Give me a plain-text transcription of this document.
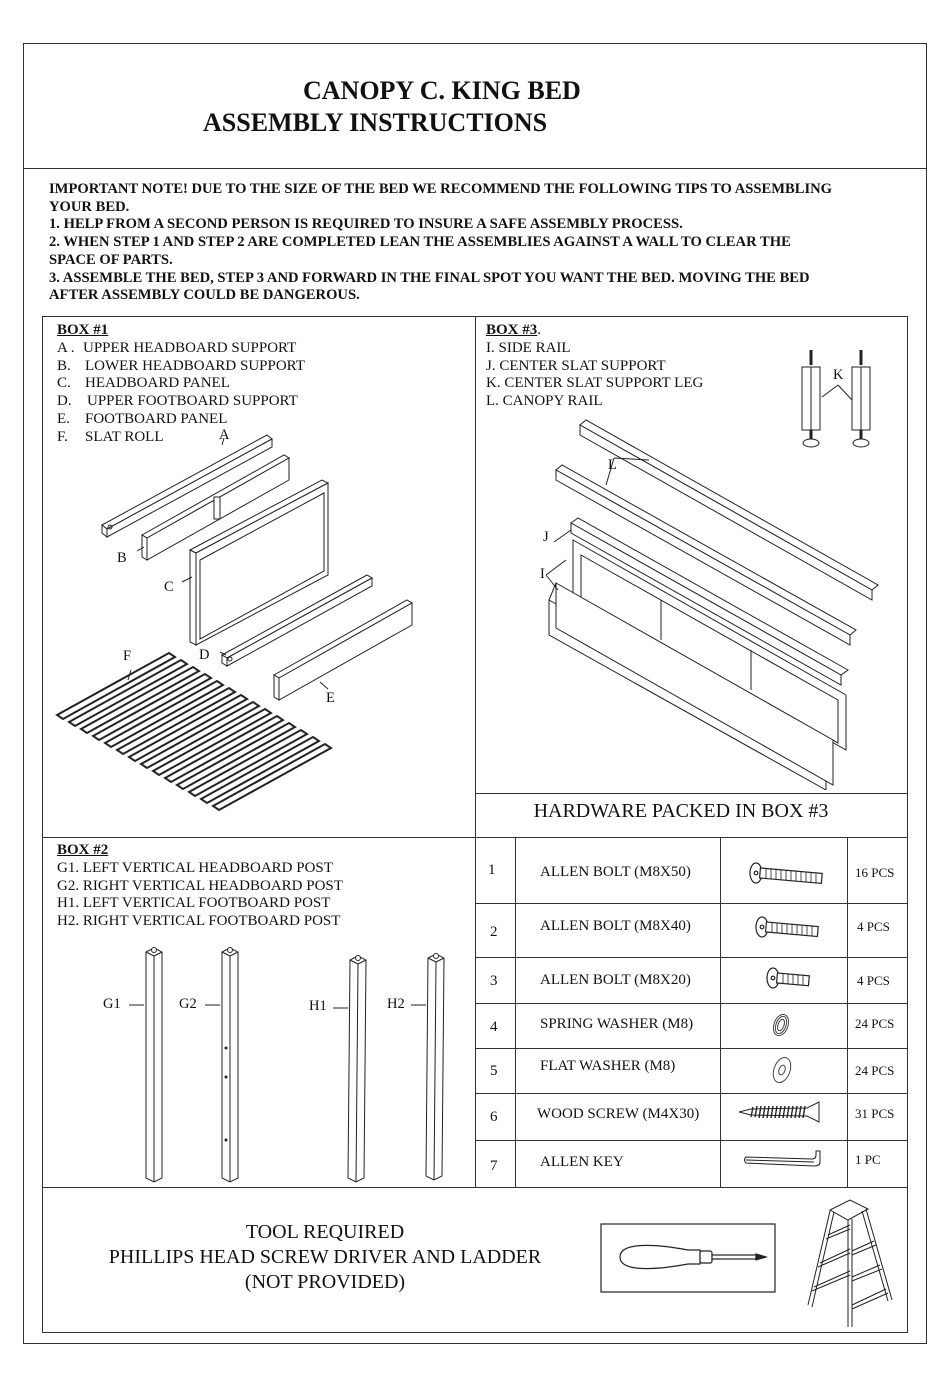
CANOPY C. KING BED
ASSEMBLY INSTRUCTIONS
IMPORTANT NOTE! DUE TO THE SIZE OF THE BED WE RECOMMEND THE FOLLOWING TIPS TO ASSEMBLING
YOUR BED.
1. HELP FROM A SECOND PERSON IS REQUIRED TO INSURE A SAFE ASSEMBLY PROCESS.
2. WHEN STEP 1 AND STEP 2 ARE COMPLETED LEAN THE ASSEMBLIES AGAINST A WALL TO CLEAR THE
SPACE OF PARTS.
3. ASSEMBLE THE BED, STEP 3 AND FORWARD IN THE FINAL SPOT YOU WANT THE BED. MOVING THE BED
AFTER ASSEMBLY COULD BE DANGEROUS.
BOX #1
A . UPPER HEADBOARD SUPPORT
B. LOWER HEADBOARD SUPPORT
C. HEADBOARD PANEL
D. UPPER FOOTBOARD SUPPORT
E. FOOTBOARD PANEL
F. SLAT ROLL	A
B
C
D
E
F
BOX #3.
I. SIDE RAIL
J. CENTER SLAT SUPPORT
K. CENTER SLAT SUPPORT LEG
L. CANOPY RAIL
K
L
J
I
HARDWARE PACKED IN BOX #3
1	ALLEN BOLT (M8X50)	16 PCS
2	ALLEN BOLT (M8X40)	4 PCS
3	ALLEN BOLT (M8X20)	4 PCS
4	SPRING WASHER (M8)	24 PCS
5	FLAT WASHER (M8)	24 PCS
6	WOOD SCREW (M4X30)	31 PCS
7	ALLEN KEY	1 PC
BOX #2
G1. LEFT VERTICAL HEADBOARD POST
G2. RIGHT VERTICAL HEADBOARD POST
H1. LEFT VERTICAL FOOTBOARD POST
H2. RIGHT VERTICAL FOOTBOARD POST
G1	G2	H1	H2
TOOL REQUIRED
PHILLIPS HEAD SCREW DRIVER AND LADDER
(NOT PROVIDED)
